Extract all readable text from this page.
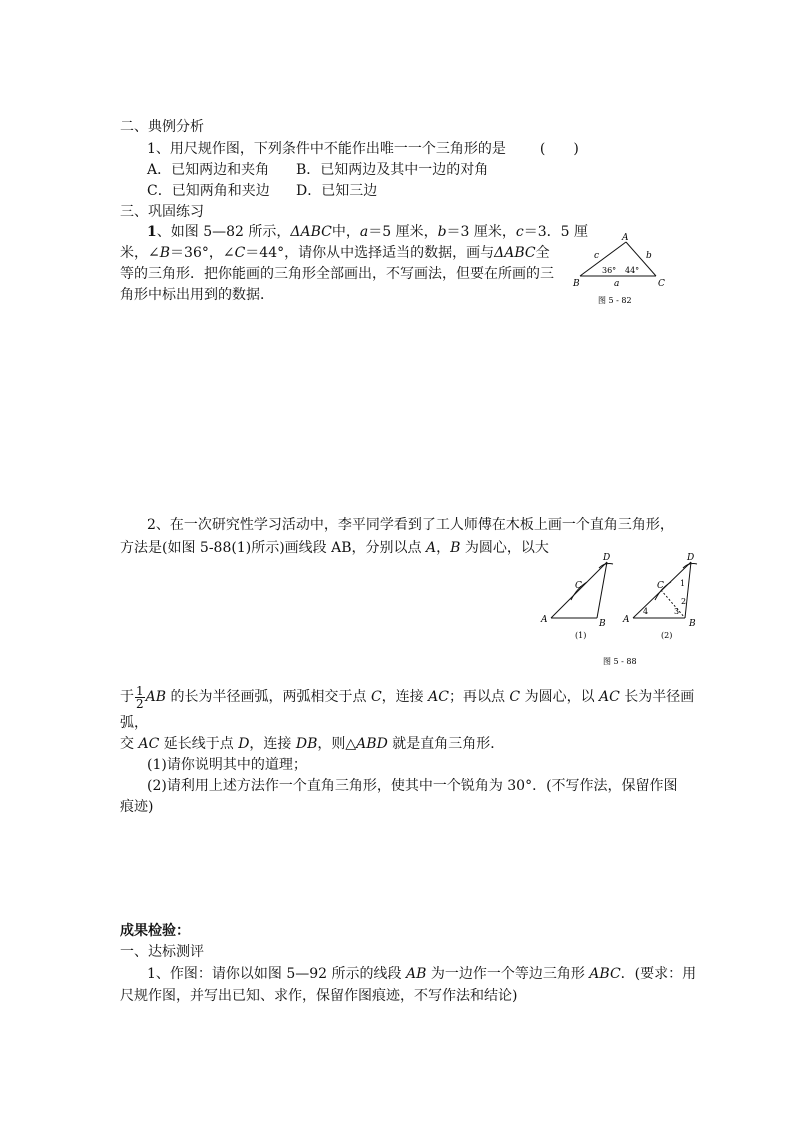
二、典例分析
1、用尺规作图，下列条件中不能作出唯一一个三角形的是 (　　)
A．已知两边和夹角 B．已知两边及其中一边的对角
C．已知两角和夹边 D．已知三边
三、巩固练习
1、如图 5—82 所示，ΔABC中，a＝5 厘米，b＝3 厘米，c＝3．5 厘
米，∠B＝36°，∠C＝44°，请你从中选择适当的数据，画与ΔABC全
等的三角形．把你能画的三角形全部画出，不写画法，但要在所画的三
角形中标出用到的数据．
A
B	C
c	b
a
36° 44°
图 5 - 82
2、在一次研究性学习活动中，李平同学看到了工人师傅在木板上画一个直角三角形，
方法是(如图 5-88(1)所示)画线段 AB，分别以点 A，B 为圆心，以大
A	B
C
D
(1)
A	B
C
D
1
2
3
4
(2)
图 5 - 88
于 $\frac{1}{2}$ AB 的长为半径画弧，两弧相交于点 C，连接 AC；再以点 C 为圆心，以 AC 长为半径画
弧，
交 AC 延长线于点 D，连接 DB，则△ABD 就是直角三角形．
(1)请你说明其中的道理；
(2)请利用上述方法作一个直角三角形，使其中一个锐角为 30°．(不写作法，保留作图
痕迹)
成果检验：
一、达标测评
1、作图：请你以如图 5—92 所示的线段 AB 为一边作一个等边三角形 ABC．(要求：用
尺规作图，并写出已知、求作，保留作图痕迹，不写作法和结论)
